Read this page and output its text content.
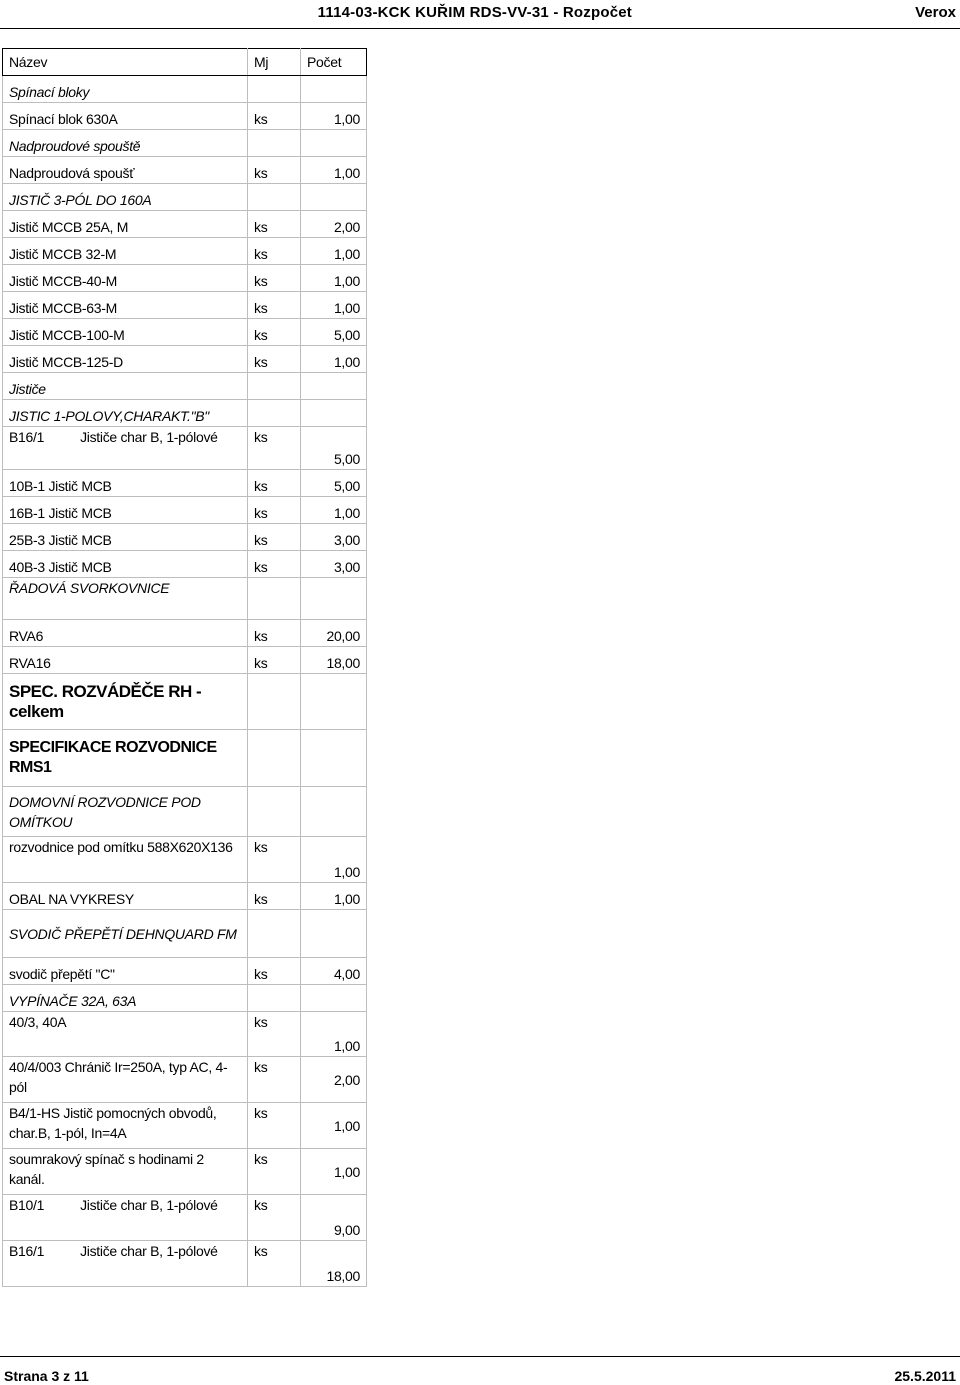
1114-03-KCK KUŘIM RDS-VV-31 - Rozpočet	Verox
Název	Mj	Počet
Spínací bloky		
Spínací blok 630A	ks	1,00
Nadproudové spouště		
Nadproudová spoušť	ks	1,00
JISTIČ 3-PÓL DO 160A		
Jistič MCCB 25A, M	ks	2,00
Jistič MCCB 32-M	ks	1,00
Jistič MCCB-40-M	ks	1,00
Jistič MCCB-63-M	ks	1,00
Jistič MCCB-100-M	ks	5,00
Jistič MCCB-125-D	ks	1,00
Jističe		
JISTIC 1-POLOVY,CHARAKT."B"		
B16/1 Jističe char B, 1-pólové	ks	5,00
10B-1 Jistič MCB	ks	5,00
16B-1 Jistič MCB	ks	1,00
25B-3 Jistič MCB	ks	3,00
40B-3 Jistič MCB	ks	3,00
ŘADOVÁ SVORKOVNICE		
RVA6	ks	20,00
RVA16	ks	18,00
SPEC. ROZVÁDĚČE RH - celkem		
SPECIFIKACE ROZVODNICE RMS1		
DOMOVNÍ ROZVODNICE POD OMÍTKOU		
rozvodnice pod omítku 588X620X136	ks	1,00
OBAL NA VYKRESY	ks	1,00
SVODIČ PŘEPĚTÍ DEHNQUARD FM		
svodič přepětí "C"	ks	4,00
VYPÍNAČE 32A, 63A		
40/3, 40A	ks	1,00
40/4/003 Chránič Ir=250A, typ AC, 4-pól	ks	2,00
B4/1-HS Jistič pomocných obvodů, char.B, 1-pól, In=4A	ks	1,00
soumrakový spínač s hodinami 2 kanál.	ks	1,00
B10/1 Jističe char B, 1-pólové	ks	9,00
B16/1 Jističe char B, 1-pólové	ks	18,00
Strana 3 z 11	25.5.2011
